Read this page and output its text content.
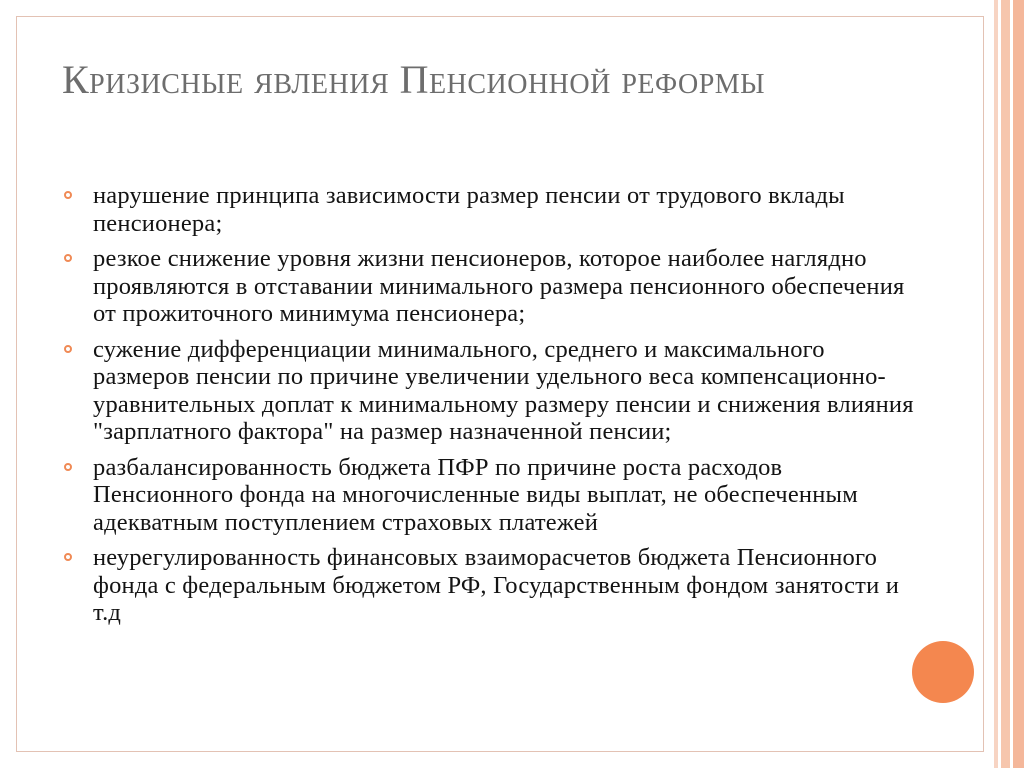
Кризисные явления Пенсионной реформы
нарушение принципа зависимости размер пенсии от трудового вклады пенсионера;
резкое снижение уровня жизни пенсионеров, которое наиболее наглядно проявляются в отставании минимального размера пенсионного обеспечения от прожиточного минимума пенсионера;
сужение дифференциации минимального, среднего и максимального размеров пенсии по причине увеличении удельного веса компенсационно-уравнительных доплат к минимальному размеру пенсии и снижения влияния "зарплатного фактора" на размер назначенной пенсии;
разбалансированность бюджета ПФР по причине роста расходов Пенсионного фонда на многочисленные виды выплат, не обеспеченным адекватным поступлением страховых платежей
неурегулированность финансовых взаиморасчетов бюджета Пенсионного фонда с федеральным бюджетом РФ, Государственным фондом занятости и т.д
